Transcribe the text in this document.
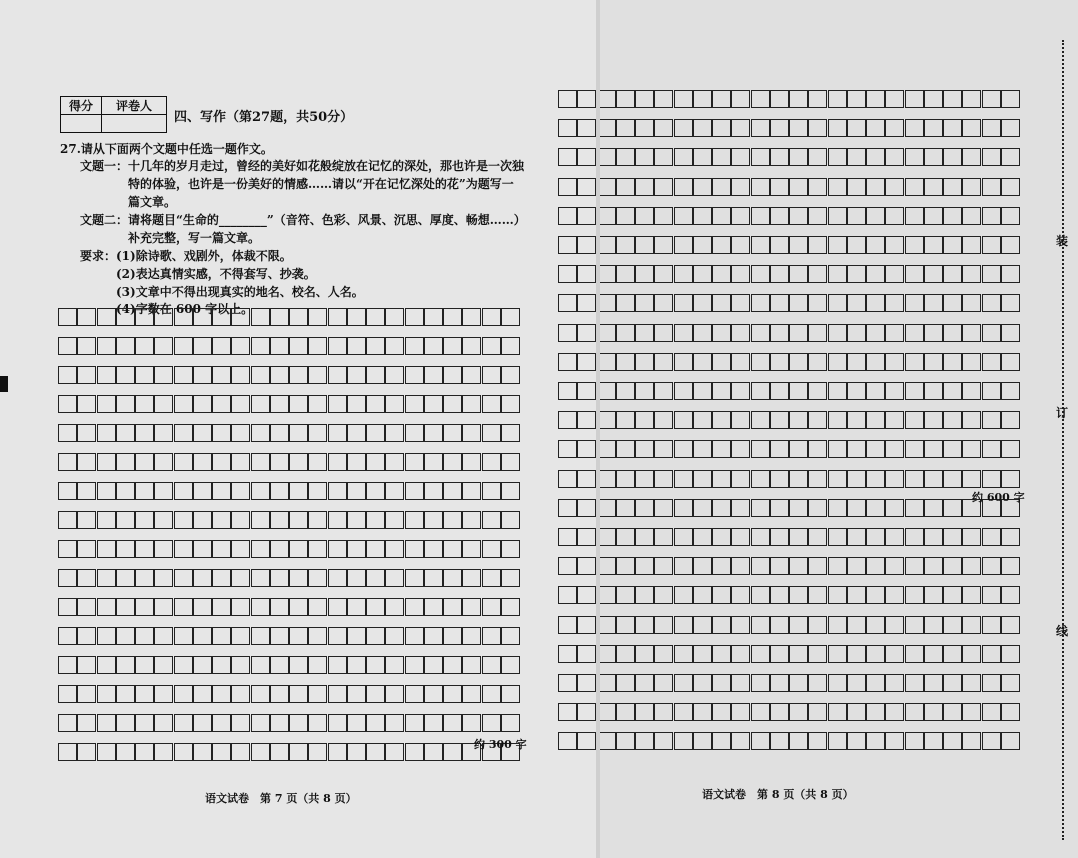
得分	评卷人

四、写作（第27题，共50分）
27.请从下面两个文题中任选一题作文。
文题一：十几年的岁月走过，曾经的美好如花般绽放在记忆的深处，那也许是一次独
特的体验，也许是一份美好的情感……请以“开在记忆深处的花”为题写一
篇文章。
文题二：请将题目“生命的________”（音符、色彩、风景、沉思、厚度、畅想……）
补充完整，写一篇文章。
要求：(1)除诗歌、戏剧外，体裁不限。
(2)表达真情实感，不得套写、抄袭。
(3)文章中不得出现真实的地名、校名、人名。
(4)字数在 600 字以上。
约 300 字
语文试卷　第 7 页（共 8 页）
约 600 字
语文试卷　第 8 页（共 8 页）
装
订
线
